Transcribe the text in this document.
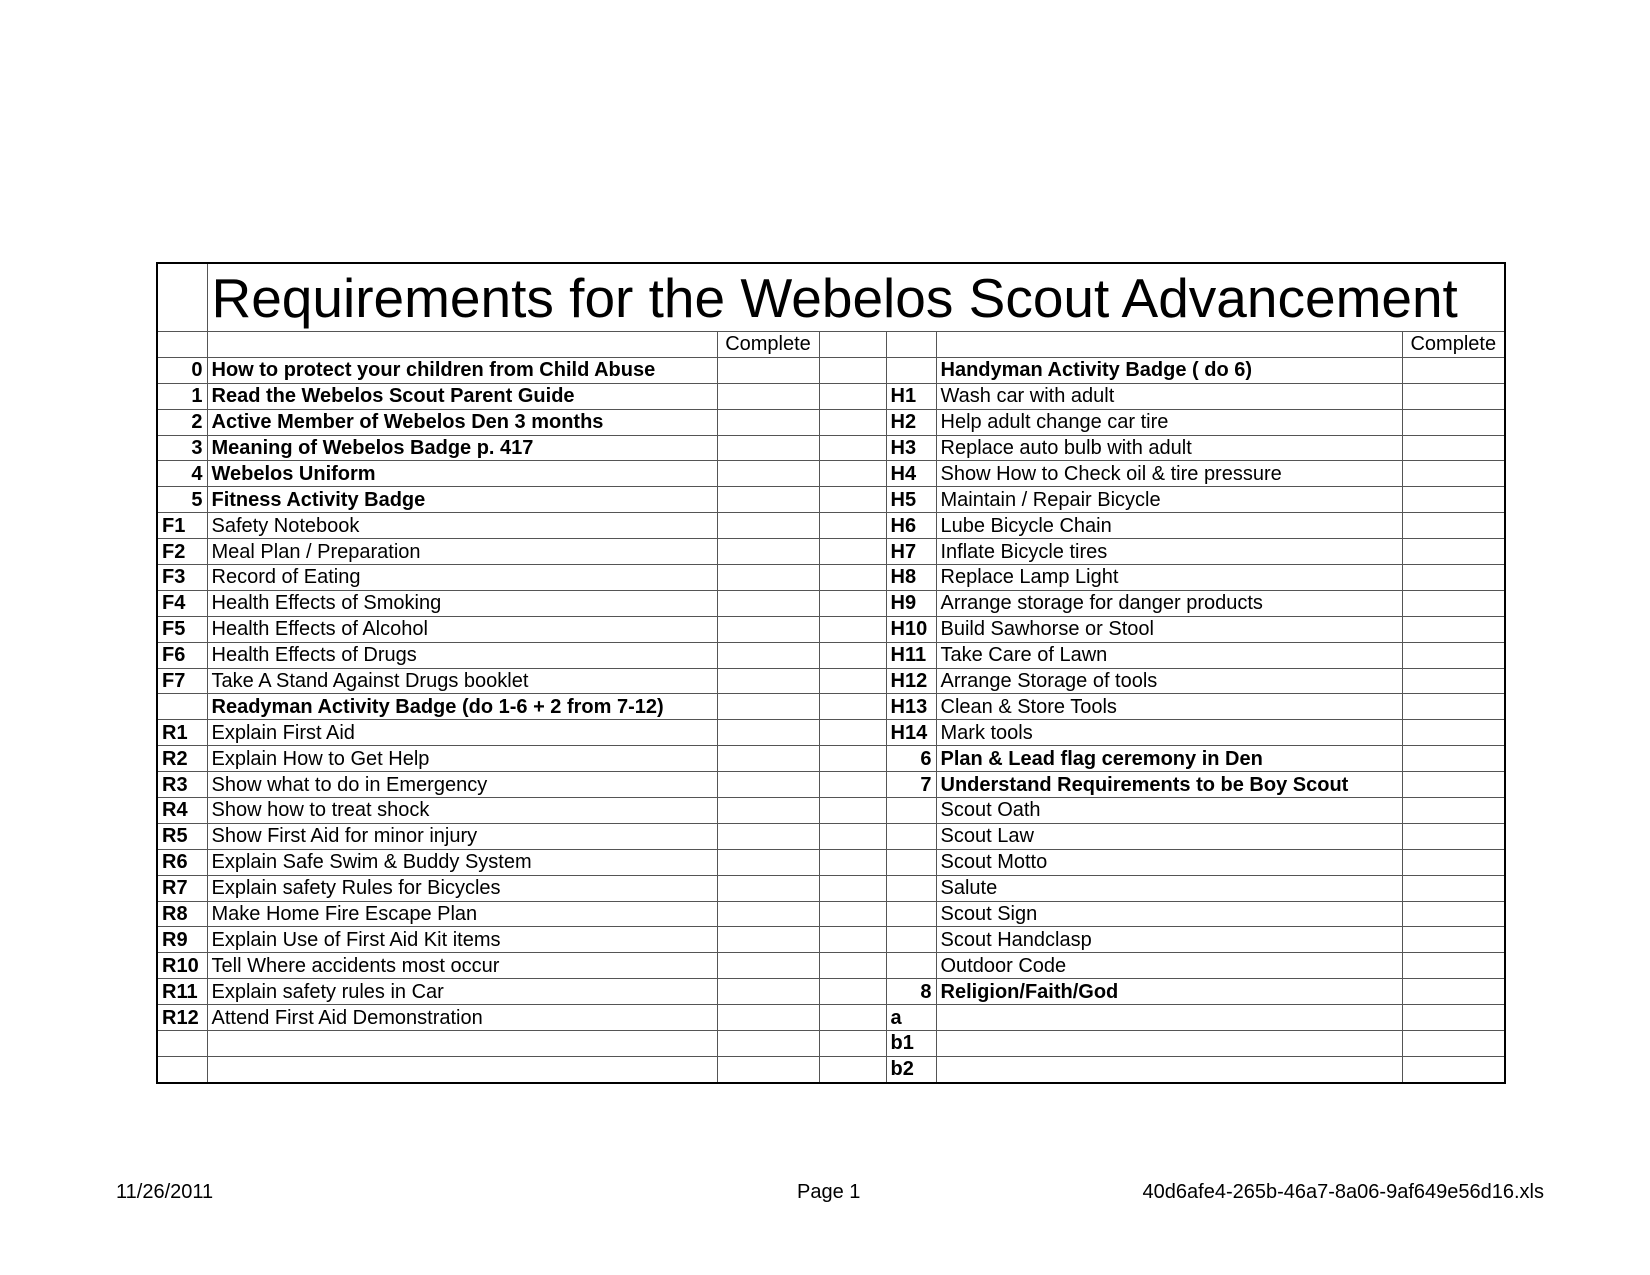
	Requirements for the Webelos Scout Advancement					
		Complete				Complete
0	How to protect your children from Child Abuse				Handyman Activity Badge ( do 6)	
1	Read the Webelos Scout Parent Guide			H1	Wash car with adult	
2	Active Member of Webelos Den 3 months			H2	Help adult change car tire	
3	Meaning of Webelos Badge p. 417			H3	Replace auto bulb with adult	
4	Webelos Uniform			H4	Show How to Check oil & tire pressure	
5	Fitness Activity Badge			H5	Maintain / Repair Bicycle	
F1	Safety Notebook			H6	Lube Bicycle Chain	
F2	Meal Plan / Preparation			H7	Inflate Bicycle tires	
F3	Record of Eating			H8	Replace Lamp Light	
F4	Health Effects of Smoking			H9	Arrange storage for danger products	
F5	Health Effects of Alcohol			H10	Build Sawhorse or Stool	
F6	Health Effects of Drugs			H11	Take Care of Lawn	
F7	Take A Stand Against Drugs booklet			H12	Arrange Storage of tools	
	Readyman Activity Badge (do 1-6 + 2 from 7-12)			H13	Clean & Store Tools	
R1	Explain First Aid			H14	Mark tools	
R2	Explain How to Get Help			6	Plan & Lead flag ceremony in Den	
R3	Show what to do in Emergency			7	Understand Requirements to be Boy Scout	
R4	Show how to treat shock				Scout Oath	
R5	Show First Aid for minor injury				Scout Law	
R6	Explain Safe Swim & Buddy System				Scout Motto	
R7	Explain safety Rules for Bicycles				Salute	
R8	Make Home Fire Escape Plan				Scout Sign	
R9	Explain Use of First Aid Kit items				Scout Handclasp	
R10	Tell Where accidents most occur				Outdoor Code	
R11	Explain safety rules in Car			8	Religion/Faith/God	
R12	Attend First Aid Demonstration			a		
				b1		
				b2		
11/26/2011	Page 1	40d6afe4-265b-46a7-8a06-9af649e56d16.xls
